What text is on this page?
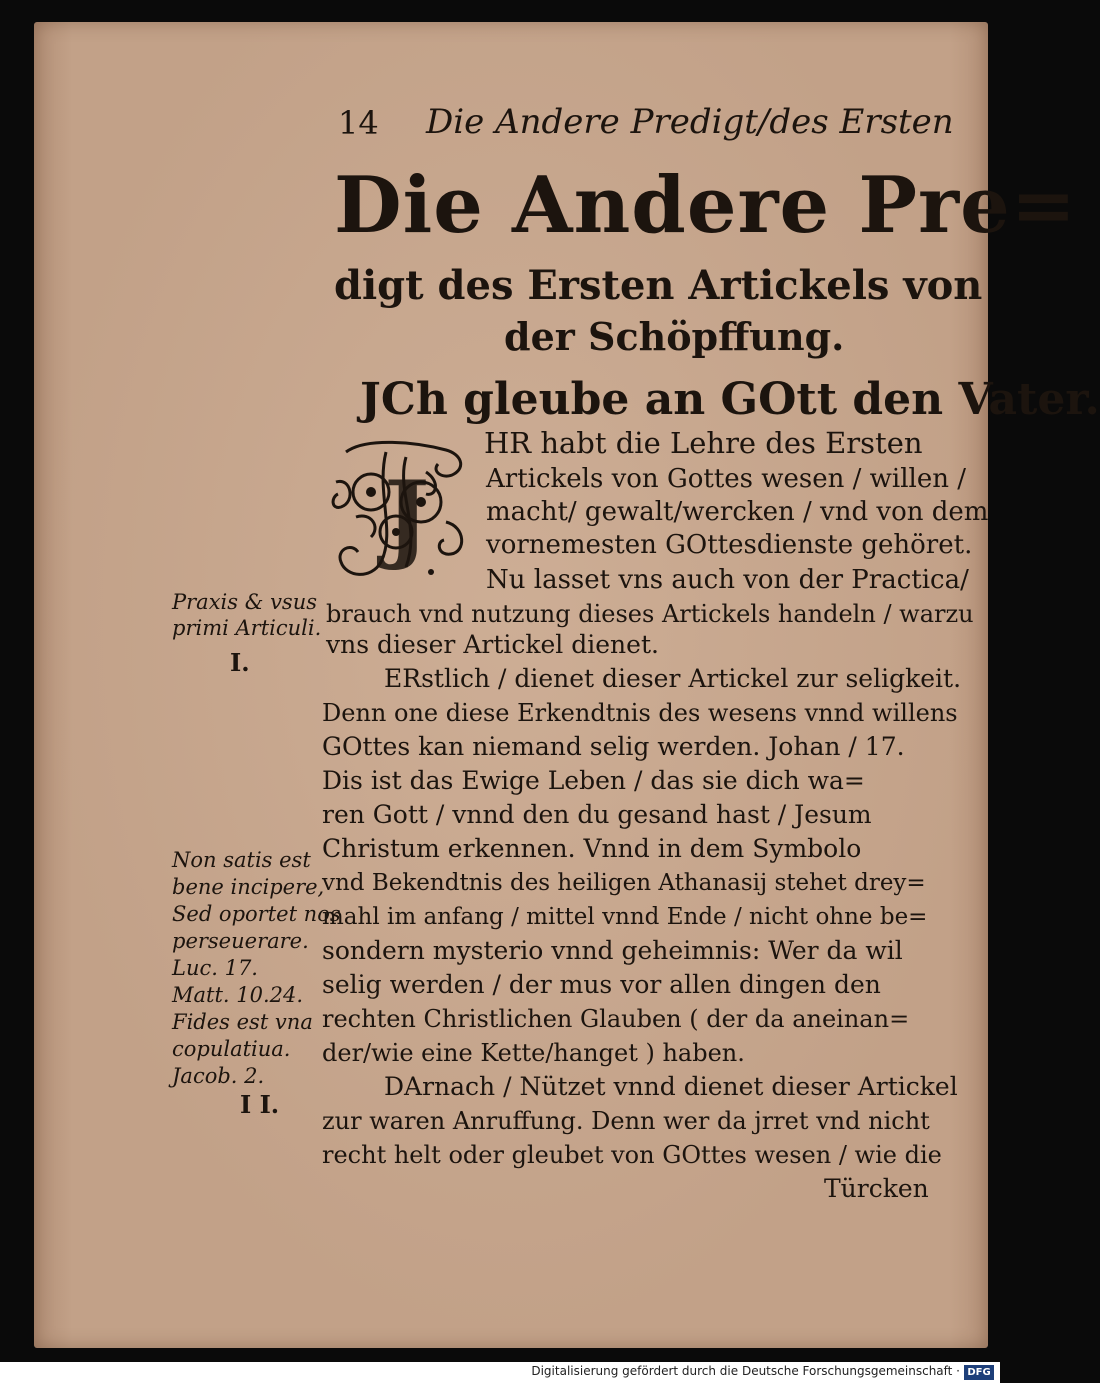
14 Die Andere Predigt/des Ersten

Die Andere Pre=

digt des Ersten Artickels von

der Schöpffung.

JCh gleube an GOtt den Vater.

J

HR habt die Lehre des Ersten

Artickels von Gottes wesen / willen /

macht/ gewalt/wercken / vnd von dem

vornemesten GOttesdienste gehöret.

Nu lasset vns auch von der Practica/

brauch vnd nutzung dieses Artickels handeln / warzu

vns dieser Artickel dienet.

ERstlich / dienet dieser Artickel zur seligkeit.

Denn one diese Erkendtnis des wesens vnnd willens

GOttes kan niemand selig werden. Johan / 17.

Dis ist das Ewige Leben / das sie dich wa=

ren Gott / vnnd den du gesand hast / Jesum

Christum erkennen. Vnnd in dem Symbolo

vnd Bekendtnis des heiligen Athanasij stehet drey=

mahl im anfang / mittel vnnd Ende / nicht ohne be=

sondern mysterio vnnd geheimnis: Wer da wil

selig werden / der mus vor allen dingen den

rechten Christlichen Glauben ( der da aneinan=

der/wie eine Kette/hanget ) haben.

DArnach / Nützet vnnd dienet dieser Artickel

zur waren Anruffung. Denn wer da jrret vnd nicht

recht helt oder gleubet von GOttes wesen / wie die

Türcken

Praxis & vsus

primi Articuli.

I.

Non satis est

bene incipere,

Sed oportet nos

perseuerare.

Luc. 17.

Matt. 10.24.

Fides est vna

copulatiua.

Jacob. 2.

I I.

Digitalisierung gefördert durch die Deutsche Forschungsgemeinschaft · DFG
